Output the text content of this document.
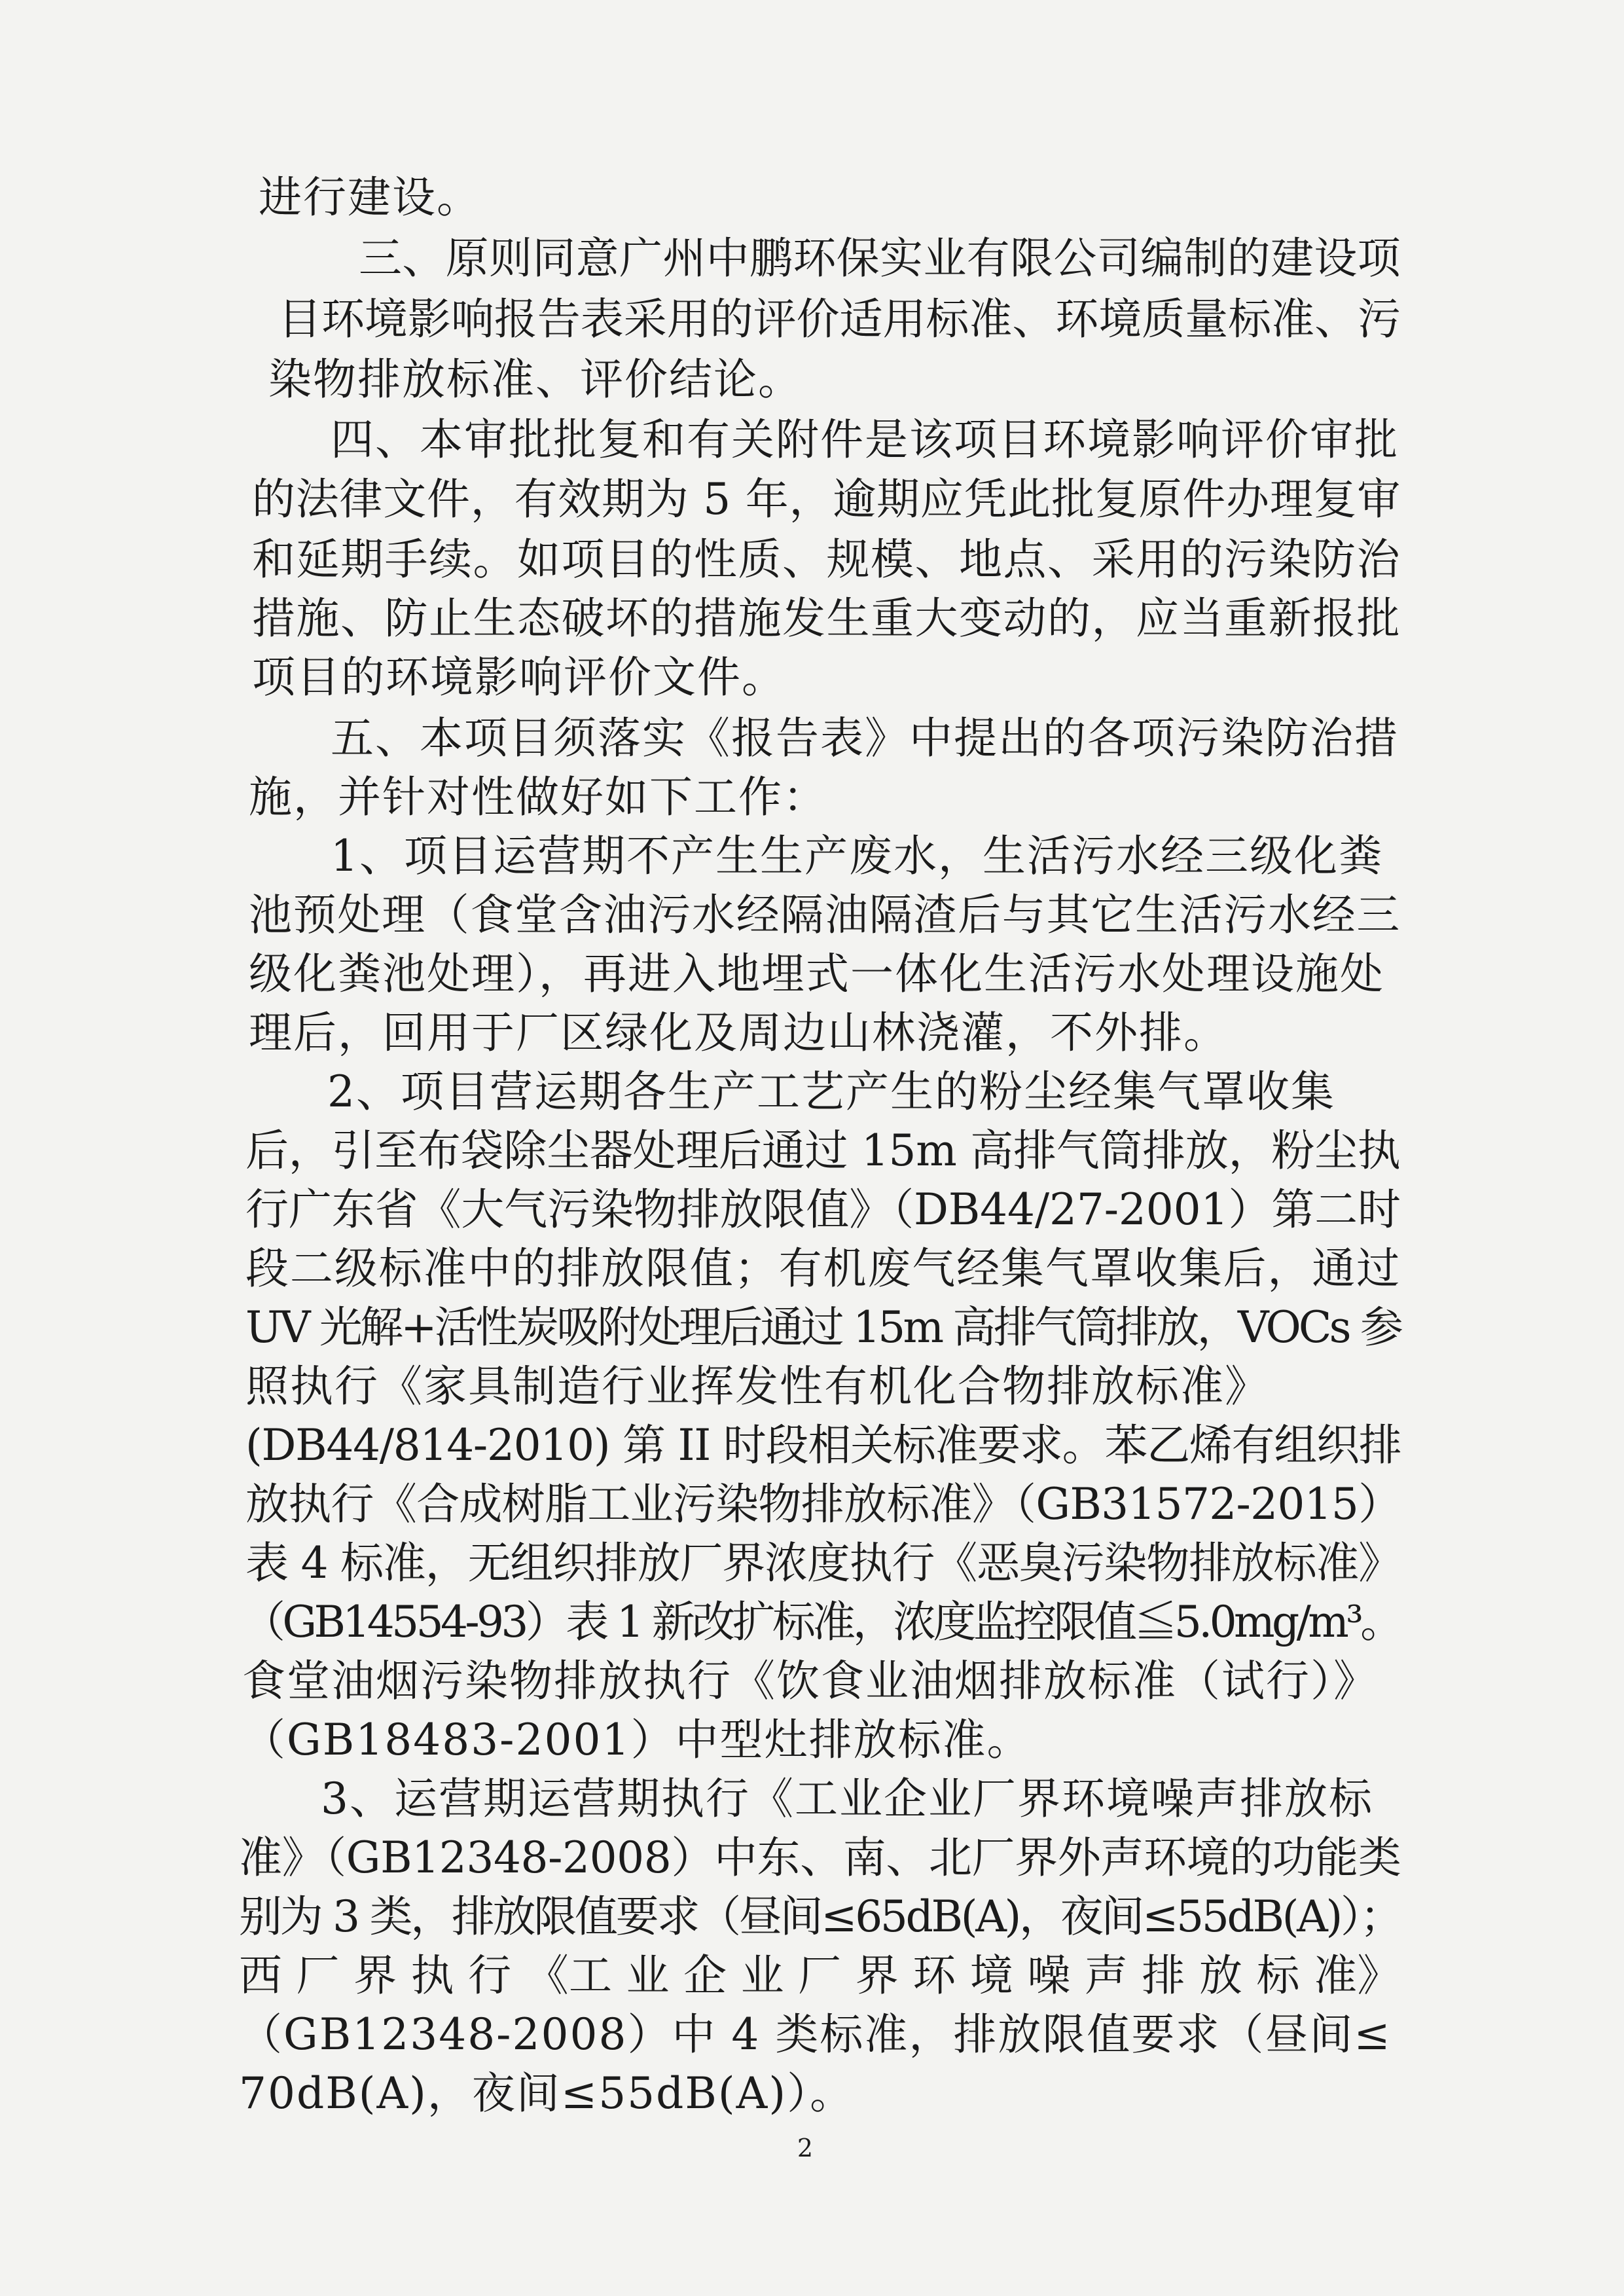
进行建设。
三、原则同意广州中鹏环保实业有限公司编制的建设项
目环境影响报告表采用的评价适用标准、环境质量标准、污
染物排放标准、评价结论。
四、本审批批复和有关附件是该项目环境影响评价审批
的法律文件，有效期为 5 年，逾期应凭此批复原件办理复审
和延期手续。如项目的性质、规模、地点、采用的污染防治
措施、防止生态破坏的措施发生重大变动的，应当重新报批
项目的环境影响评价文件。
五、本项目须落实《报告表》中提出的各项污染防治措
施，并针对性做好如下工作：
1、项目运营期不产生生产废水，生活污水经三级化粪
池预处理（食堂含油污水经隔油隔渣后与其它生活污水经三
级化粪池处理），再进入地埋式一体化生活污水处理设施处
理后，回用于厂区绿化及周边山林浇灌，不外排。
2、项目营运期各生产工艺产生的粉尘经集气罩收集
后，引至布袋除尘器处理后通过 15m 高排气筒排放，粉尘执
行广东省《大气污染物排放限值》（DB44/27-2001）第二时
段二级标准中的排放限值；有机废气经集气罩收集后，通过
UV 光解+活性炭吸附处理后通过 15m 高排气筒排放，VOCs 参
照执行《家具制造行业挥发性有机化合物排放标准》
(DB44/814-2010) 第 II 时段相关标准要求。苯乙烯有组织排
放执行《合成树脂工业污染物排放标准》（GB31572-2015）
表 4 标准，无组织排放厂界浓度执行《恶臭污染物排放标准》
（GB14554-93）表 1 新改扩标准，浓度监控限值≦5.0mg/m³。
食堂油烟污染物排放执行《饮食业油烟排放标准（试行）》
（GB18483-2001）中型灶排放标准。
3、运营期运营期执行《工业企业厂界环境噪声排放标
准》（GB12348-2008）中东、南、北厂界外声环境的功能类
别为 3 类，排放限值要求（昼间≤65dB(A)，夜间≤55dB(A)）；
西 厂 界 执 行 《工 业 企 业 厂 界 环 境 噪 声 排 放 标 准》
（GB12348-2008）中 4 类标准，排放限值要求（昼间≤
70dB(A)，夜间≤55dB(A)）。
2
